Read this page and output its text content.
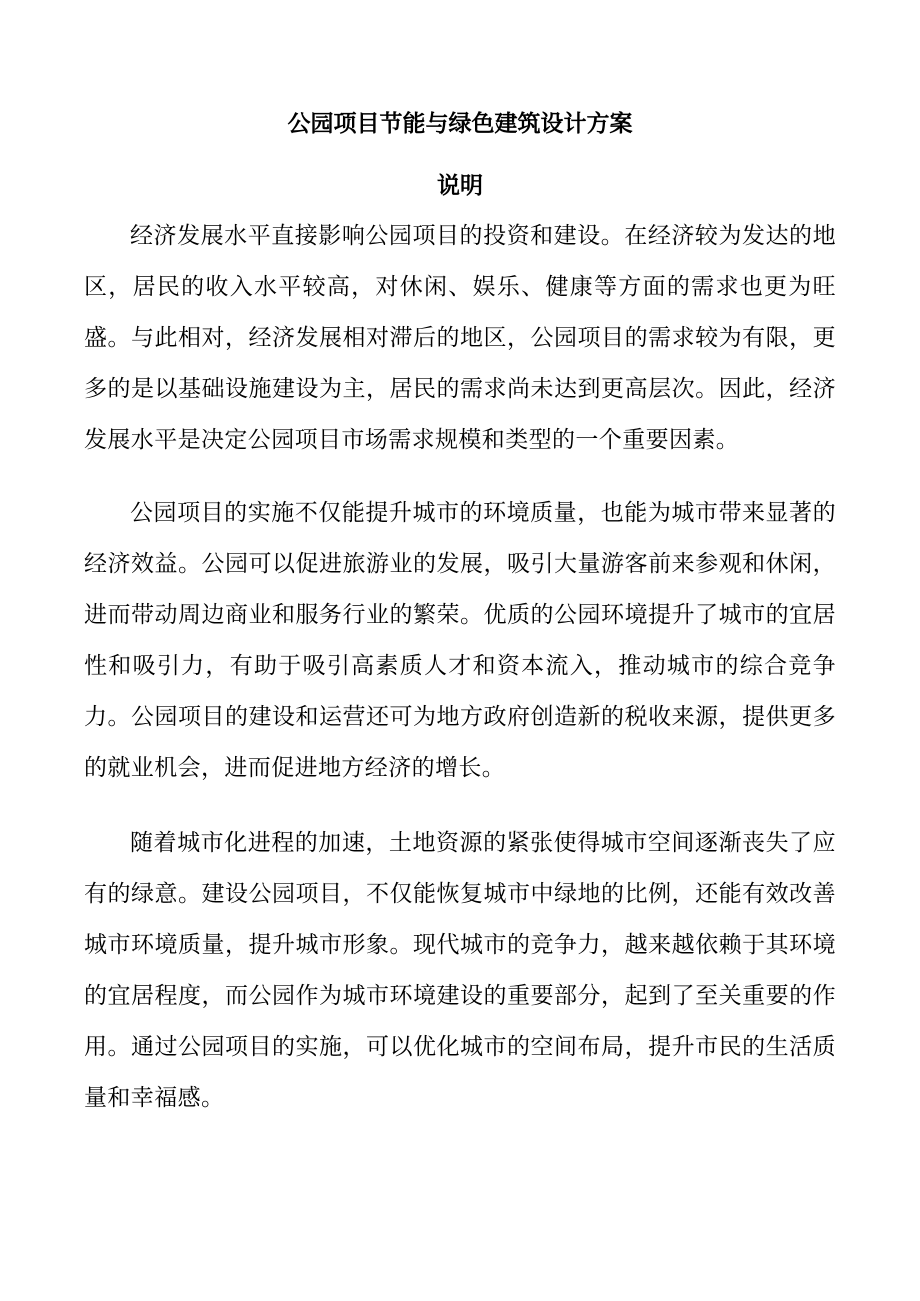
公园项目节能与绿色建筑设计方案
说明

经济发展水平直接影响公园项目的投资和建设。在经济较为发达的地区，居民的收入水平较高，对休闲、娱乐、健康等方面的需求也更为旺盛。与此相对，经济发展相对滞后的地区，公园项目的需求较为有限，更多的是以基础设施建设为主，居民的需求尚未达到更高层次。因此，经济发展水平是决定公园项目市场需求规模和类型的一个重要因素。

公园项目的实施不仅能提升城市的环境质量，也能为城市带来显著的经济效益。公园可以促进旅游业的发展，吸引大量游客前来参观和休闲，进而带动周边商业和服务行业的繁荣。优质的公园环境提升了城市的宜居性和吸引力，有助于吸引高素质人才和资本流入，推动城市的综合竞争力。公园项目的建设和运营还可为地方政府创造新的税收来源，提供更多的就业机会，进而促进地方经济的增长。

随着城市化进程的加速，土地资源的紧张使得城市空间逐渐丧失了应有的绿意。建设公园项目，不仅能恢复城市中绿地的比例，还能有效改善城市环境质量，提升城市形象。现代城市的竞争力，越来越依赖于其环境的宜居程度，而公园作为城市环境建设的重要部分，起到了至关重要的作用。通过公园项目的实施，可以优化城市的空间布局，提升市民的生活质量和幸福感。
